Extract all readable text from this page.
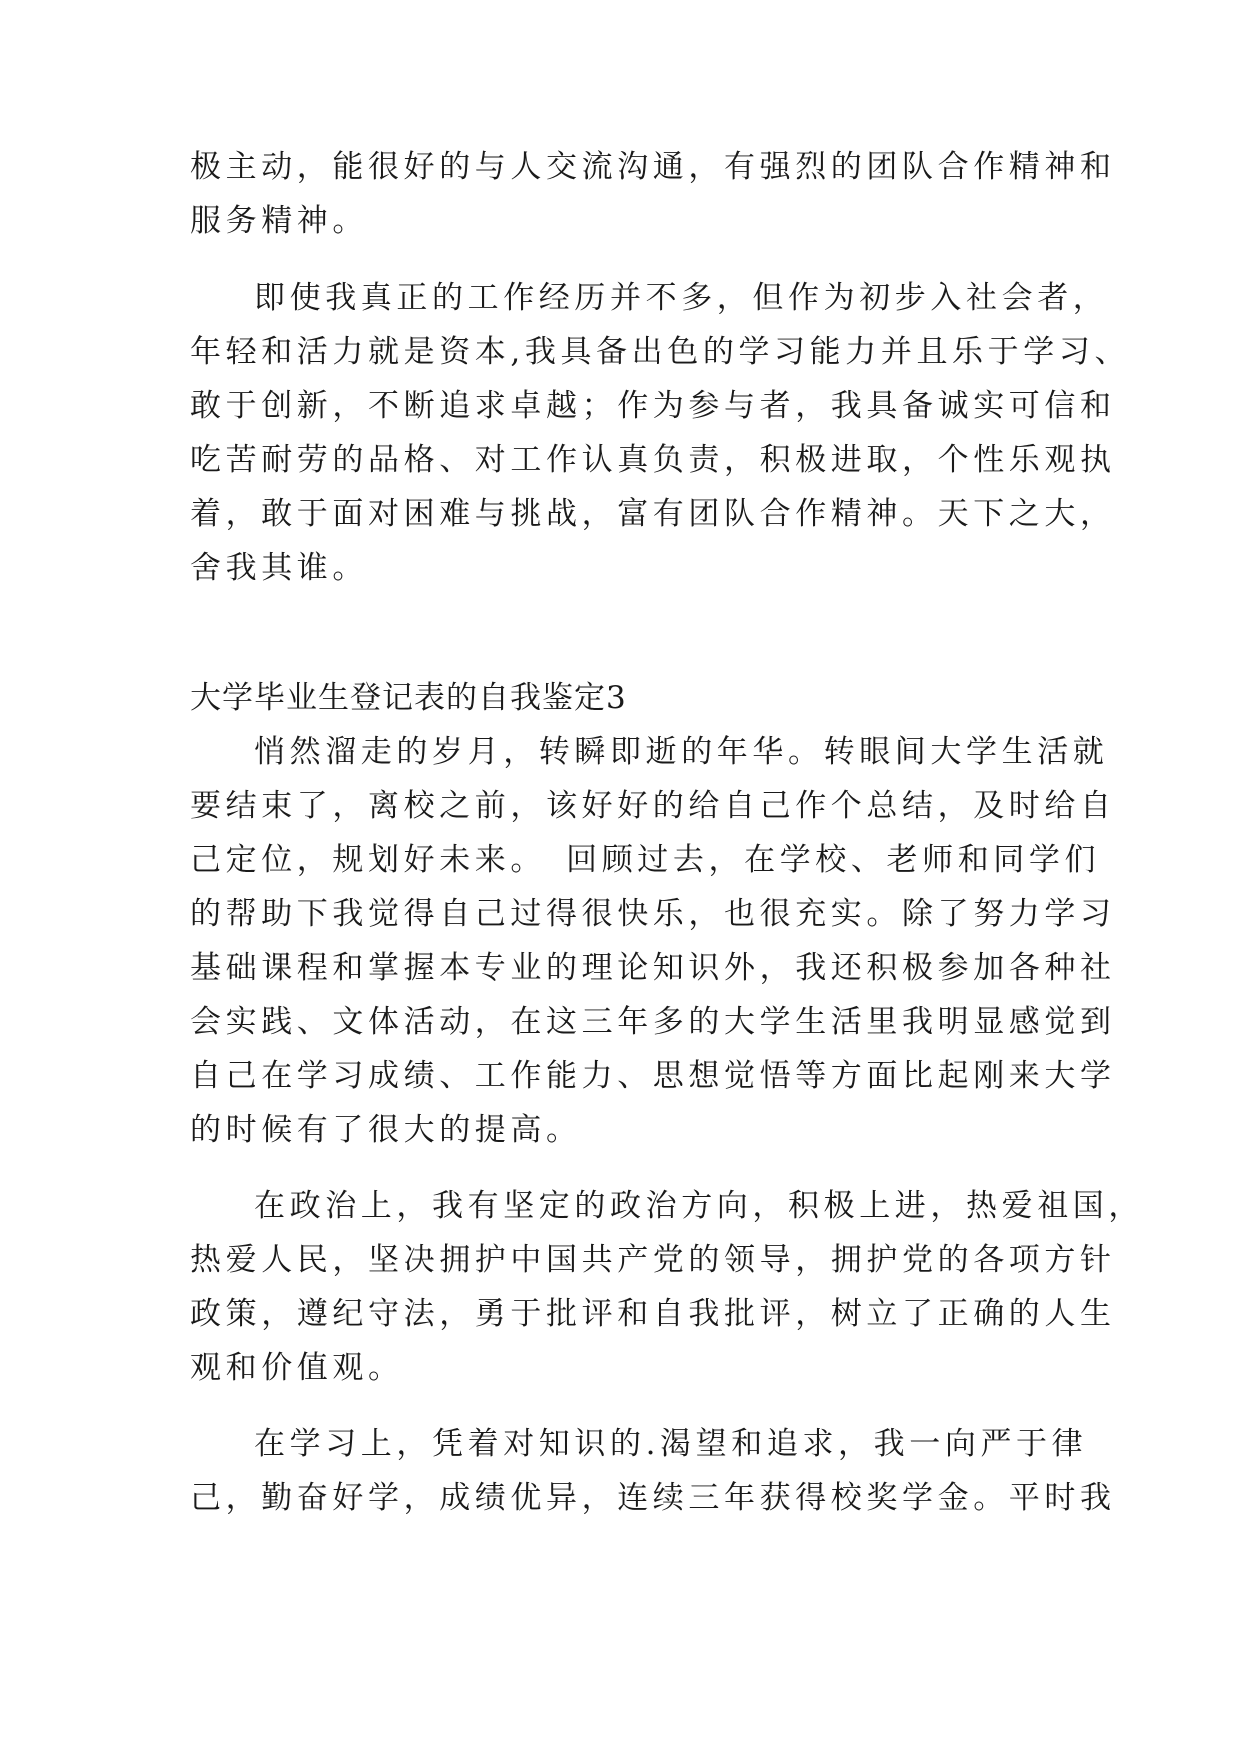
极主动，能很好的与人交流沟通，有强烈的团队合作精神和
服务精神。
即使我真正的工作经历并不多，但作为初步入社会者，
年轻和活力就是资本,我具备出色的学习能力并且乐于学习、
敢于创新，不断追求卓越；作为参与者，我具备诚实可信和
吃苦耐劳的品格、对工作认真负责，积极进取，个性乐观执
着，敢于面对困难与挑战，富有团队合作精神。天下之大，
舍我其谁。
大学毕业生登记表的自我鉴定3
悄然溜走的岁月，转瞬即逝的年华。转眼间大学生活就
要结束了，离校之前，该好好的给自己作个总结，及时给自
己定位，规划好未来。　回顾过去，在学校、老师和同学们
的帮助下我觉得自己过得很快乐，也很充实。除了努力学习
基础课程和掌握本专业的理论知识外，我还积极参加各种社
会实践、文体活动，在这三年多的大学生活里我明显感觉到
自己在学习成绩、工作能力、思想觉悟等方面比起刚来大学
的时候有了很大的提高。
在政治上，我有坚定的政治方向，积极上进，热爱祖国，
热爱人民，坚决拥护中国共产党的领导，拥护党的各项方针
政策，遵纪守法，勇于批评和自我批评，树立了正确的人生
观和价值观。
在学习上，凭着对知识的.渴望和追求，我一向严于律
己，勤奋好学，成绩优异，连续三年获得校奖学金。平时我
